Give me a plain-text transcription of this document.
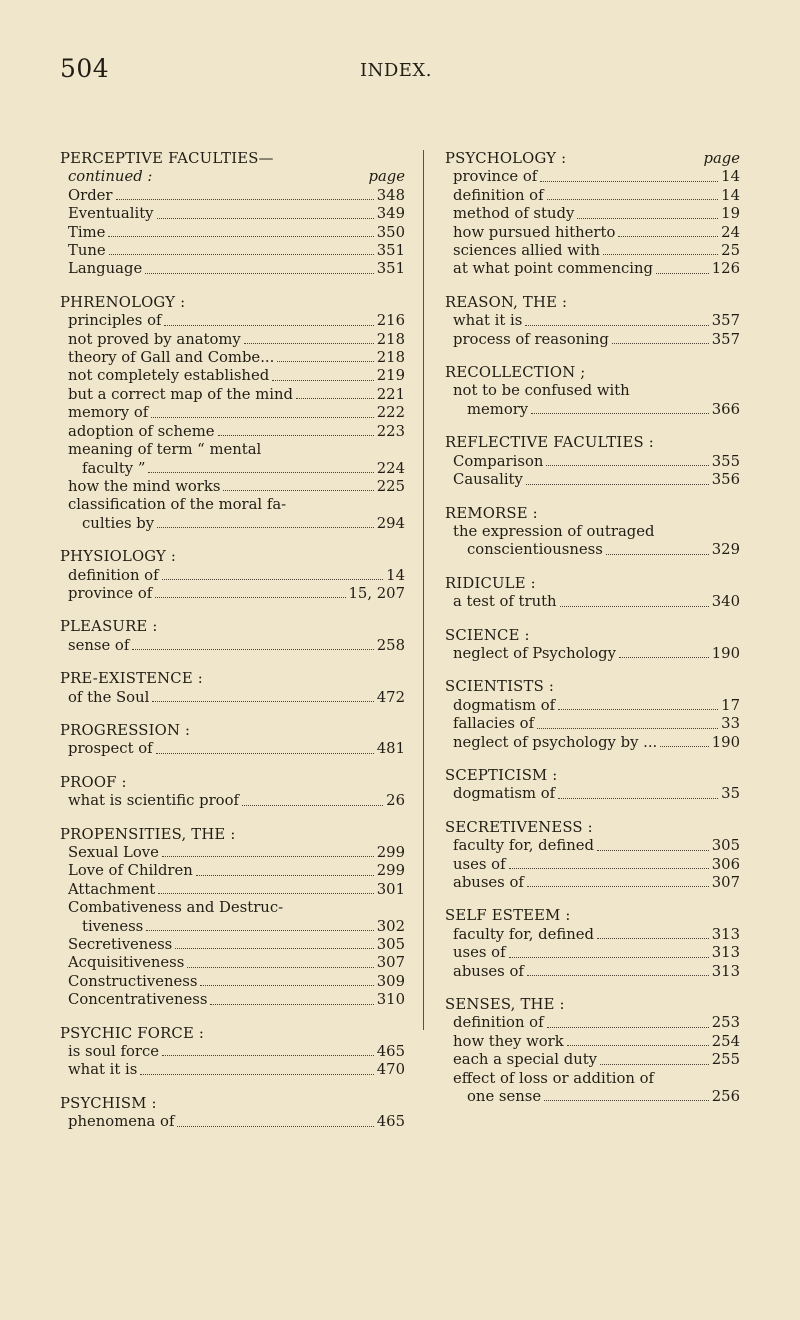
504	INDEX.
PERCEPTIVE FACULTIES—
continued :	page
Order	348
Eventuality	349
Time	350
Tune	351
Language	351
PHRENOLOGY :
principles of	216
not proved by anatomy	218
theory of Gall and Combe...	218
not completely established	219
but a correct map of the mind	221
memory of	222
adoption of scheme	223
meaning of term “ mental
faculty ”	224
how the mind works	225
classification of the moral fa-
culties by	294
PHYSIOLOGY :
definition of	14
province of	15, 207
PLEASURE :
sense of	258
PRE-EXISTENCE :
of the Soul	472
PROGRESSION :
prospect of	481
PROOF :
what is scientific proof	26
PROPENSITIES, THE :
Sexual Love	299
Love of Children	299
Attachment	301
Combativeness and Destruc-
tiveness	302
Secretiveness	305
Acquisitiveness	307
Constructiveness	309
Concentrativeness	310
PSYCHIC FORCE :
is soul force	465
what it is	470
PSYCHISM :
phenomena of	465
PSYCHOLOGY :	page
province of	14
definition of	14
method of study	19
how pursued hitherto	24
sciences allied with	25
at what point commencing	126
REASON, THE :
what it is	357
process of reasoning	357
RECOLLECTION ;
not to be confused with
memory	366
REFLECTIVE FACULTIES :
Comparison	355
Causality	356
REMORSE :
the expression of outraged
conscientiousness	329
RIDICULE :
a test of truth	340
SCIENCE :
neglect of Psychology	190
SCIENTISTS :
dogmatism of	17
fallacies of	33
neglect of psychology by ...	190
SCEPTICISM :
dogmatism of	35
SECRETIVENESS :
faculty for, defined	305
uses of	306
abuses of	307
SELF ESTEEM :
faculty for, defined	313
uses of	313
abuses of	313
SENSES, THE :
definition of	253
how they work	254
each a special duty	255
effect of loss or addition of
one sense	256
